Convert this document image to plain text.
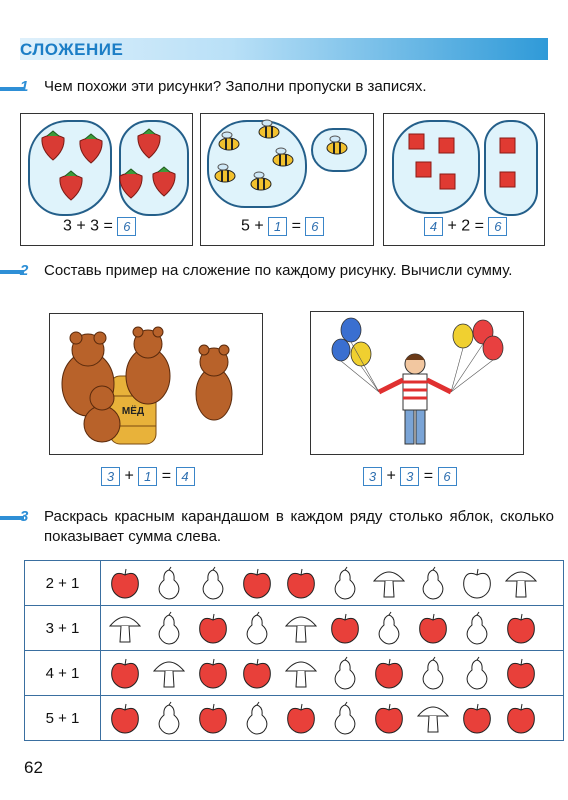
СЛОЖЕНИЕ
1 Чем похожи эти рисунки? Заполни пропуски в записях.
3 + 3 = 6	5 + 1 = 6	4 + 2 = 6
2 Составь пример на сложение по каждому рисунку. Вычисли сумму.
МЁД
3 + 1 = 4	3 + 3 = 6
3 Раскрась красным карандашом в каждом ряду столько яблок, сколько показывает сумма слева.
2 + 1	
3 + 1	
4 + 1	
5 + 1	
62
